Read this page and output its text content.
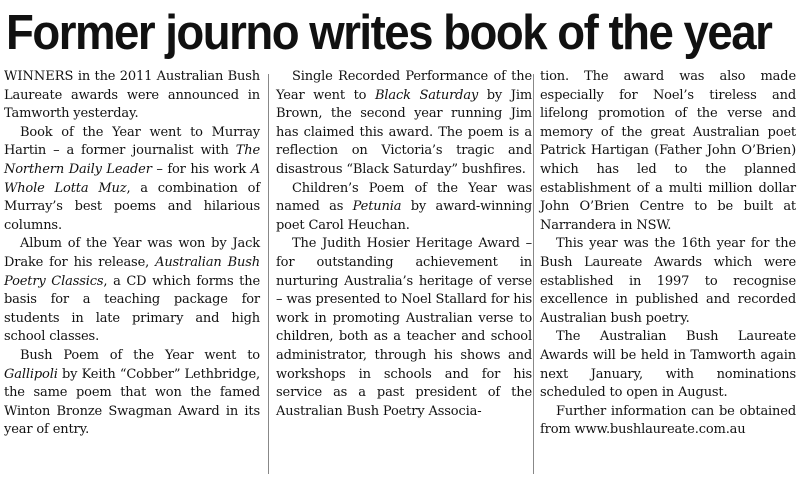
Former journo writes book of the year

WINNERS in the 2011 Australian Bush Laureate awards were announced in Tamworth yesterday.

Book of the Year went to Murray Hartin – a former journalist with The Northern Daily Leader – for his work A Whole Lotta Muz, a combination of Murray’s best poems and hilarious columns.

Album of the Year was won by Jack Drake for his release, Australian Bush Poetry Classics, a CD which forms the basis for a teaching package for students in late primary and high school classes.

Bush Poem of the Year went to Gallipoli by Keith “Cobber” Lethbridge, the same poem that won the famed Winton Bronze Swagman Award in its year of entry.

Single Recorded Performance of the Year went to Black Saturday by Jim Brown, the second year running Jim has claimed this award. The poem is a reflection on Victoria’s tragic and disastrous “Black Saturday” bushfires.

Children’s Poem of the Year was named as Petunia by award-winning poet Carol Heuchan.

The Judith Hosier Heritage Award – for outstanding achievement in nurturing Australia’s heritage of verse – was presented to Noel Stallard for his work in promoting Australian verse to children, both as a teacher and school administrator, through his shows and workshops in schools and for his service as a past president of the Australian Bush Poetry Associa-

tion. The award was also made especially for Noel’s tireless and lifelong promotion of the verse and memory of the great Australian poet Patrick Hartigan (Father John O’Brien) which has led to the planned establishment of a multi million dollar John O’Brien Centre to be built at Narrandera in NSW.

This year was the 16th year for the Bush Laureate Awards which were established in 1997 to recognise excellence in published and recorded Australian bush poetry.

The Australian Bush Laureate Awards will be held in Tamworth again next January, with nominations scheduled to open in August.

Further information can be obtained from www.bushlaureate.com.au
